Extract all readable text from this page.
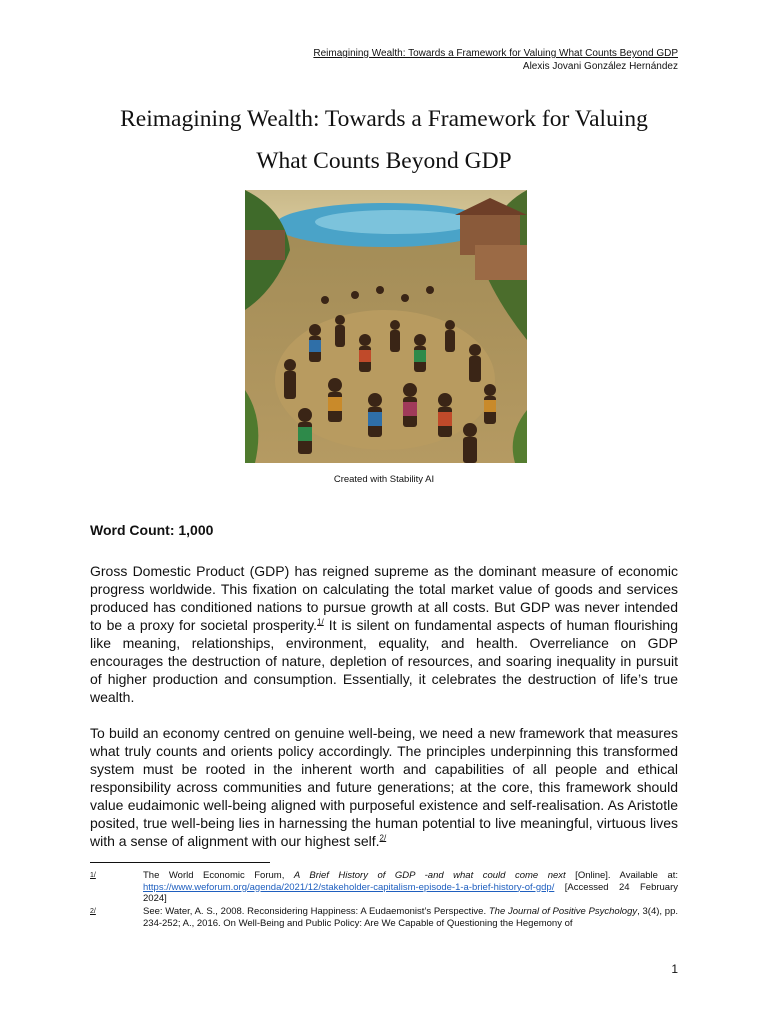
Reimagining Wealth: Towards a Framework for Valuing What Counts Beyond GDP
Alexis Jovani González Hernández
Reimagining Wealth: Towards a Framework for Valuing
What Counts Beyond GDP
Created with Stability AI
Word Count: 1,000
Gross Domestic Product (GDP) has reigned supreme as the dominant measure of economic progress worldwide. This fixation on calculating the total market value of goods and services produced has conditioned nations to pursue growth at all costs. But GDP was never intended to be a proxy for societal prosperity.$^{1/}$ It is silent on fundamental aspects of human flourishing like meaning, relationships, environment, equality, and health. Overreliance on GDP encourages the destruction of nature, depletion of resources, and soaring inequality in pursuit of higher production and consumption. Essentially, it celebrates the destruction of life’s true wealth.
To build an economy centred on genuine well-being, we need a new framework that measures what truly counts and orients policy accordingly. The principles underpinning this transformed system must be rooted in the inherent worth and capabilities of all people and ethical responsibility across communities and future generations; at the core, this framework should value eudaimonic well-being aligned with purposeful existence and self-realisation. As Aristotle posited, true well-being lies in harnessing the human potential to live meaningful, virtuous lives with a sense of alignment with our highest self.$^{2/}$
1/	The World Economic Forum, A Brief History of GDP -and what could come next [Online]. Available at: https://www.weforum.org/agenda/2021/12/stakeholder-capitalism-episode-1-a-brief-history-of-gdp/ [Accessed 24 February 2024]
2/	See: Water, A. S., 2008. Reconsidering Happiness: A Eudaemonist’s Perspective. The Journal of Positive Psychology, 3(4), pp. 234-252; A., 2016. On Well-Being and Public Policy: Are We Capable of Questioning the Hegemony of
1
